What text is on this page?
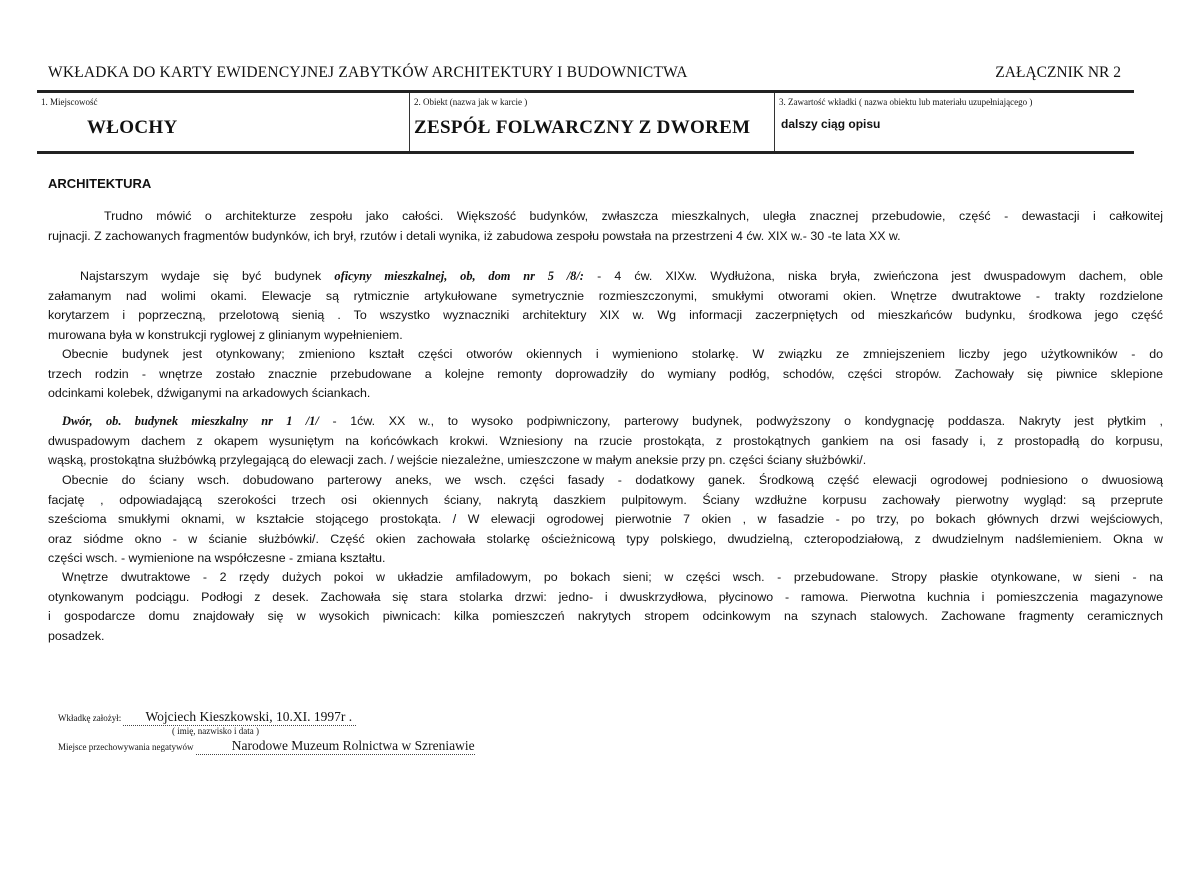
WKŁADKA DO KARTY EWIDENCYJNEJ ZABYTKÓW ARCHITEKTURY I BUDOWNICTWA	ZAŁĄCZNIK NR 2
1. Miejscowość
WŁOCHY
2. Obiekt (nazwa jak w karcie )
ZESPÓŁ FOLWARCZNY Z DWOREM
3. Zawartość wkładki ( nazwa obiektu lub materiału uzupełniającego )
dalszy ciąg opisu
ARCHITEKTURA
Trudno mówić o architekturze zespołu jako całości. Większość budynków, zwłaszcza mieszkalnych, uległa znacznej przebudowie, część - dewastacji i całkowitej
rujnacji. Z zachowanych fragmentów budynków, ich brył, rzutów i detali wynika, iż zabudowa zespołu powstała na przestrzeni 4 ćw. XIX w.- 30 -te lata XX w.
Najstarszym wydaje się być budynek oficyny mieszkalnej, ob, dom nr 5 /8/: - 4 ćw. XIXw. Wydłużona, niska bryła, zwieńczona jest dwuspadowym dachem, oble
załamanym nad wolimi okami. Elewacje są rytmicznie artykułowane symetrycznie rozmieszczonymi, smukłymi otworami okien. Wnętrze dwutraktowe - trakty rozdzielone
korytarzem i poprzeczną, przelotową sienią . To wszystko wyznaczniki architektury XIX w. Wg informacji zaczerpniętych od mieszkańców budynku, środkowa jego część
murowana była w konstrukcji ryglowej z glinianym wypełnieniem.
Obecnie budynek jest otynkowany; zmieniono kształt części otworów okiennych i wymieniono stolarkę. W związku ze zmniejszeniem liczby jego użytkowników - do
trzech rodzin - wnętrze zostało znacznie przebudowane a kolejne remonty doprowadziły do wymiany podłóg, schodów, części stropów. Zachowały się piwnice sklepione
odcinkami kolebek, dźwiganymi na arkadowych ściankach.
Dwór, ob. budynek mieszkalny nr 1 /1/ - 1ćw. XX w., to wysoko podpiwniczony, parterowy budynek, podwyższony o kondygnację poddasza. Nakryty jest płytkim ,
dwuspadowym dachem z okapem wysuniętym na końcówkach krokwi. Wzniesiony na rzucie prostokąta, z prostokątnych gankiem na osi fasady i, z prostopadłą do korpusu,
wąską, prostokątna służbówką przylegającą do elewacji zach. / wejście niezależne, umieszczone w małym aneksie przy pn. części ściany służbówki/.
Obecnie do ściany wsch. dobudowano parterowy aneks, we wsch. części fasady - dodatkowy ganek. Środkową część elewacji ogrodowej podniesiono o dwuosiową
facjatę , odpowiadającą szerokości trzech osi okiennych ściany, nakrytą daszkiem pulpitowym. Ściany wzdłużne korpusu zachowały pierwotny wygląd: są przeprute
sześcioma smukłymi oknami, w kształcie stojącego prostokąta. / W elewacji ogrodowej pierwotnie 7 okien , w fasadzie - po trzy, po bokach głównych drzwi wejściowych,
oraz siódme okno - w ścianie służbówki/. Część okien zachowała stolarkę ościeżnicową typy polskiego, dwudzielną, czteropodziałową, z dwudzielnym nadślemieniem. Okna w
części wsch. - wymienione na współczesne - zmiana kształtu.
Wnętrze dwutraktowe - 2 rzędy dużych pokoi w układzie amfiladowym, po bokach sieni; w części wsch. - przebudowane. Stropy płaskie otynkowane, w sieni - na
otynkowanym podciągu. Podłogi z desek. Zachowała się stara stolarka drzwi: jedno- i dwuskrzydłowa, płycinowo - ramowa. Pierwotna kuchnia i pomieszczenia magazynowe
i gospodarcze domu znajdowały się w wysokich piwnicach: kilka pomieszczeń nakrytych stropem odcinkowym na szynach stalowych. Zachowane fragmenty ceramicznych
posadzek.
Wkładkę założył: Wojciech Kieszkowski, 10.XI. 1997r .
( imię, nazwisko i data )
Miejsce przechowywania negatywów	Narodowe Muzeum Rolnictwa w Szreniawie
